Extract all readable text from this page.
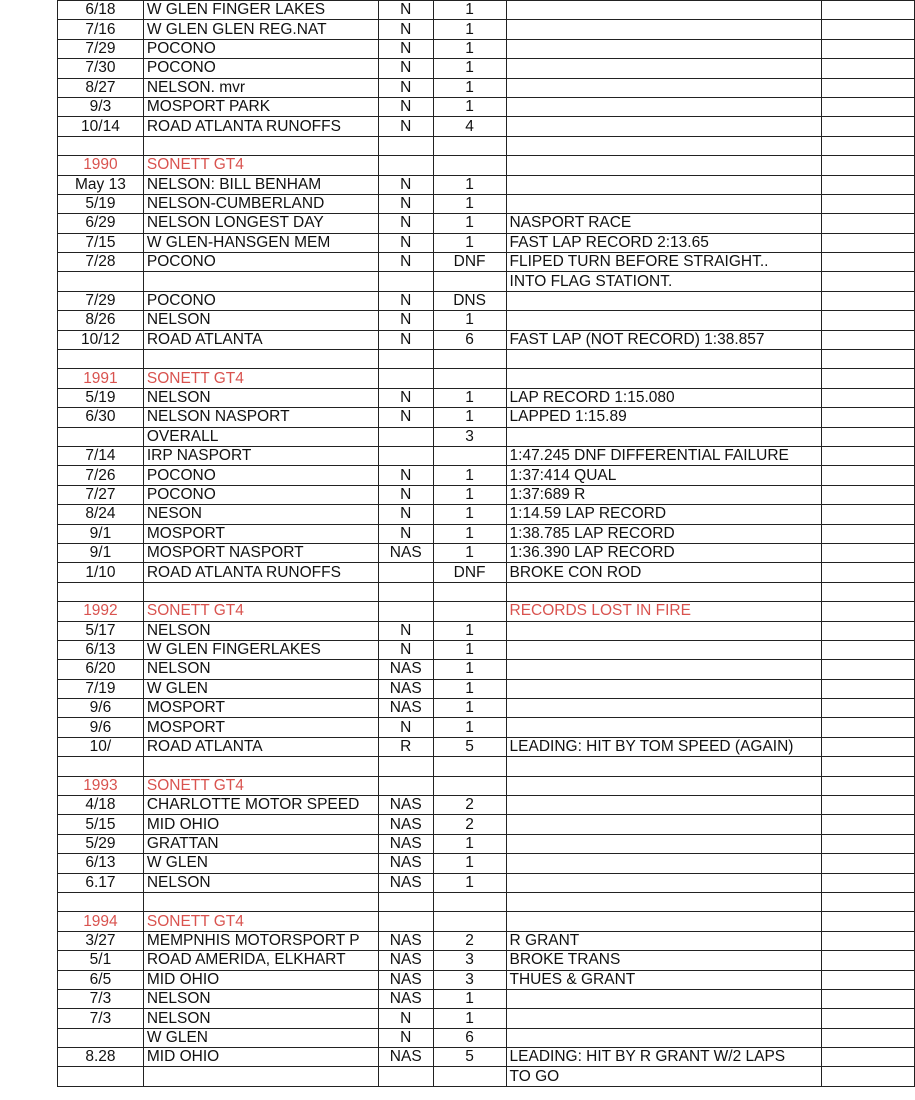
6/18	W GLEN FINGER LAKES	N	1		
7/16	W GLEN GLEN REG.NAT	N	1		
7/29	POCONO	N	1		
7/30	POCONO	N	1		
8/27	NELSON. mvr	N	1		
9/3	MOSPORT PARK	N	1		
10/14	ROAD ATLANTA RUNOFFS	N	4		

1990	SONETT GT4				
May 13	NELSON: BILL BENHAM	N	1		
5/19	NELSON-CUMBERLAND	N	1		
6/29	NELSON LONGEST DAY	N	1	NASPORT RACE	
7/15	W GLEN-HANSGEN MEM	N	1	FAST LAP RECORD 2:13.65	
7/28	POCONO	N	DNF	FLIPED TURN BEFORE STRAIGHT..	
				INTO FLAG STATIONT.	
7/29	POCONO	N	DNS		
8/26	NELSON	N	1		
10/12	ROAD ATLANTA	N	6	FAST LAP (NOT RECORD) 1:38.857	

1991	SONETT GT4				
5/19	NELSON	N	1	LAP RECORD 1:15.080	
6/30	NELSON NASPORT	N	1	LAPPED 1:15.89	
	OVERALL		3		
7/14	IRP NASPORT			1:47.245 DNF DIFFERENTIAL FAILURE	
7/26	POCONO	N	1	1:37:414 QUAL	
7/27	POCONO	N	1	1:37:689 R	
8/24	NESON	N	1	1:14.59 LAP RECORD	
9/1	MOSPORT	N	1	1:38.785 LAP RECORD	
9/1	MOSPORT NASPORT	NAS	1	1:36.390 LAP RECORD	
1/10	ROAD ATLANTA RUNOFFS		DNF	BROKE CON ROD	

1992	SONETT GT4			RECORDS LOST IN FIRE	
5/17	NELSON	N	1		
6/13	W GLEN FINGERLAKES	N	1		
6/20	NELSON	NAS	1		
7/19	W GLEN	NAS	1		
9/6	MOSPORT	NAS	1		
9/6	MOSPORT	N	1		
10/	ROAD ATLANTA	R	5	LEADING: HIT BY TOM SPEED (AGAIN)	

1993	SONETT GT4				
4/18	CHARLOTTE MOTOR SPEED	NAS	2		
5/15	MID OHIO	NAS	2		
5/29	GRATTAN	NAS	1		
6/13	W GLEN	NAS	1		
6.17	NELSON	NAS	1		

1994	SONETT GT4				
3/27	MEMPNHIS MOTORSPORT P	NAS	2	R GRANT	
5/1	ROAD AMERIDA, ELKHART	NAS	3	BROKE TRANS	
6/5	MID OHIO	NAS	3	THUES & GRANT	
7/3	NELSON	NAS	1		
7/3	NELSON	N	1		
	W GLEN	N	6		
8.28	MID OHIO	NAS	5	LEADING: HIT BY R GRANT W/2 LAPS	
				TO GO	
